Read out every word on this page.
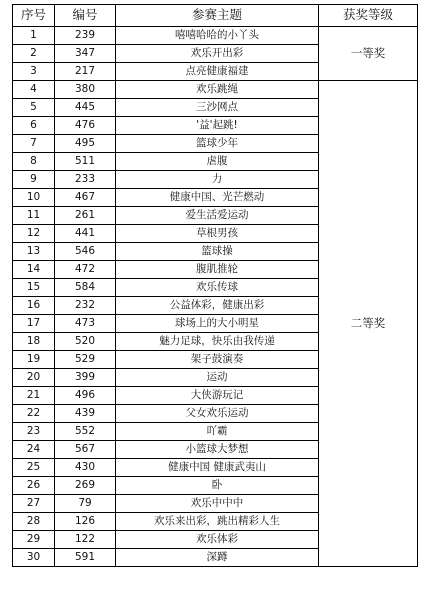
序号	编号	参赛主题	获奖等级
1	239	嘻嘻哈哈的小丫头	一等奖
2	347	欢乐开出彩	
3	217	点亮健康福建	
4	380	欢乐跳绳	二等奖
5	445	三沙网点	
6	476	'益'起跳!	
7	495	篮球少年	
8	511	虐腹	
9	233	力	
10	467	健康中国、光芒燃动	
11	261	爱生活爱运动	
12	441	草根男孩	
13	546	篮球操	
14	472	腹肌推轮	
15	584	欢乐传球	
16	232	公益体彩，健康出彩	
17	473	球场上的大小明星	
18	520	魅力足球，快乐由我传递	
19	529	架子鼓演奏	
20	399	运动	
21	496	大侠游玩记	
22	439	父女欢乐运动	
23	552	吖霸	
24	567	小篮球大梦想	
25	430	健康中国 健康武夷山	
26	269	卧	
27	79	欢乐中中中	
28	126	欢乐来出彩，跳出精彩人生	
29	122	欢乐体彩	
30	591	深蹲	
